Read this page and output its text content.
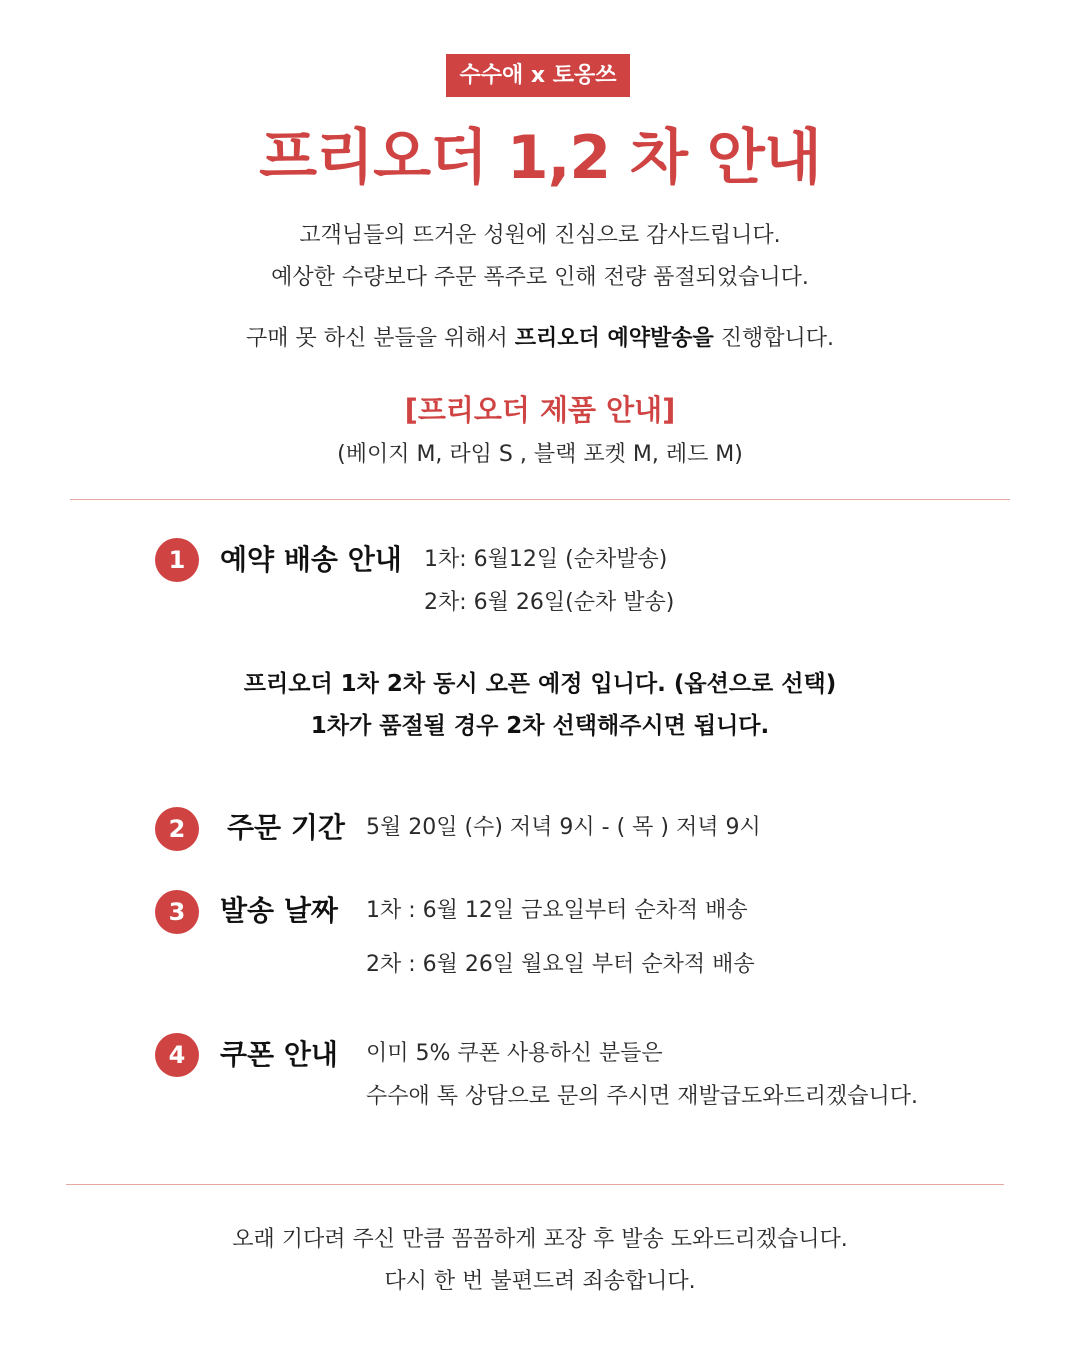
수수애 x 토옹쓰
프리오더 1,2 차 안내
고객님들의 뜨거운 성원에 진심으로 감사드립니다.
예상한 수량보다 주문 폭주로 인해 전량 품절되었습니다.
구매 못 하신 분들을 위해서 프리오더 예약발송을 진행합니다.
[프리오더 제품 안내]
(베이지 M, 라임 S , 블랙 포켓 M, 레드 M)
1	예약 배송 안내 1차: 6월12일 (순차발송)
2차: 6월 26일(순차 발송)
프리오더 1차 2차 동시 오픈 예정 입니다. (옵션으로 선택)
1차가 품절될 경우 2차 선택해주시면 됩니다.
2	주문 기간 5월 20일 (수) 저녁 9시 - ( 목 ) 저녁 9시
3	발송 날짜 1차 : 6월 12일 금요일부터 순차적 배송
2차 : 6월 26일 월요일 부터 순차적 배송
4	쿠폰 안내 이미 5% 쿠폰 사용하신 분들은
수수애 톡 상담으로 문의 주시면 재발급도와드리겠습니다.
오래 기다려 주신 만큼 꼼꼼하게 포장 후 발송 도와드리겠습니다.
다시 한 번 불편드려 죄송합니다.
